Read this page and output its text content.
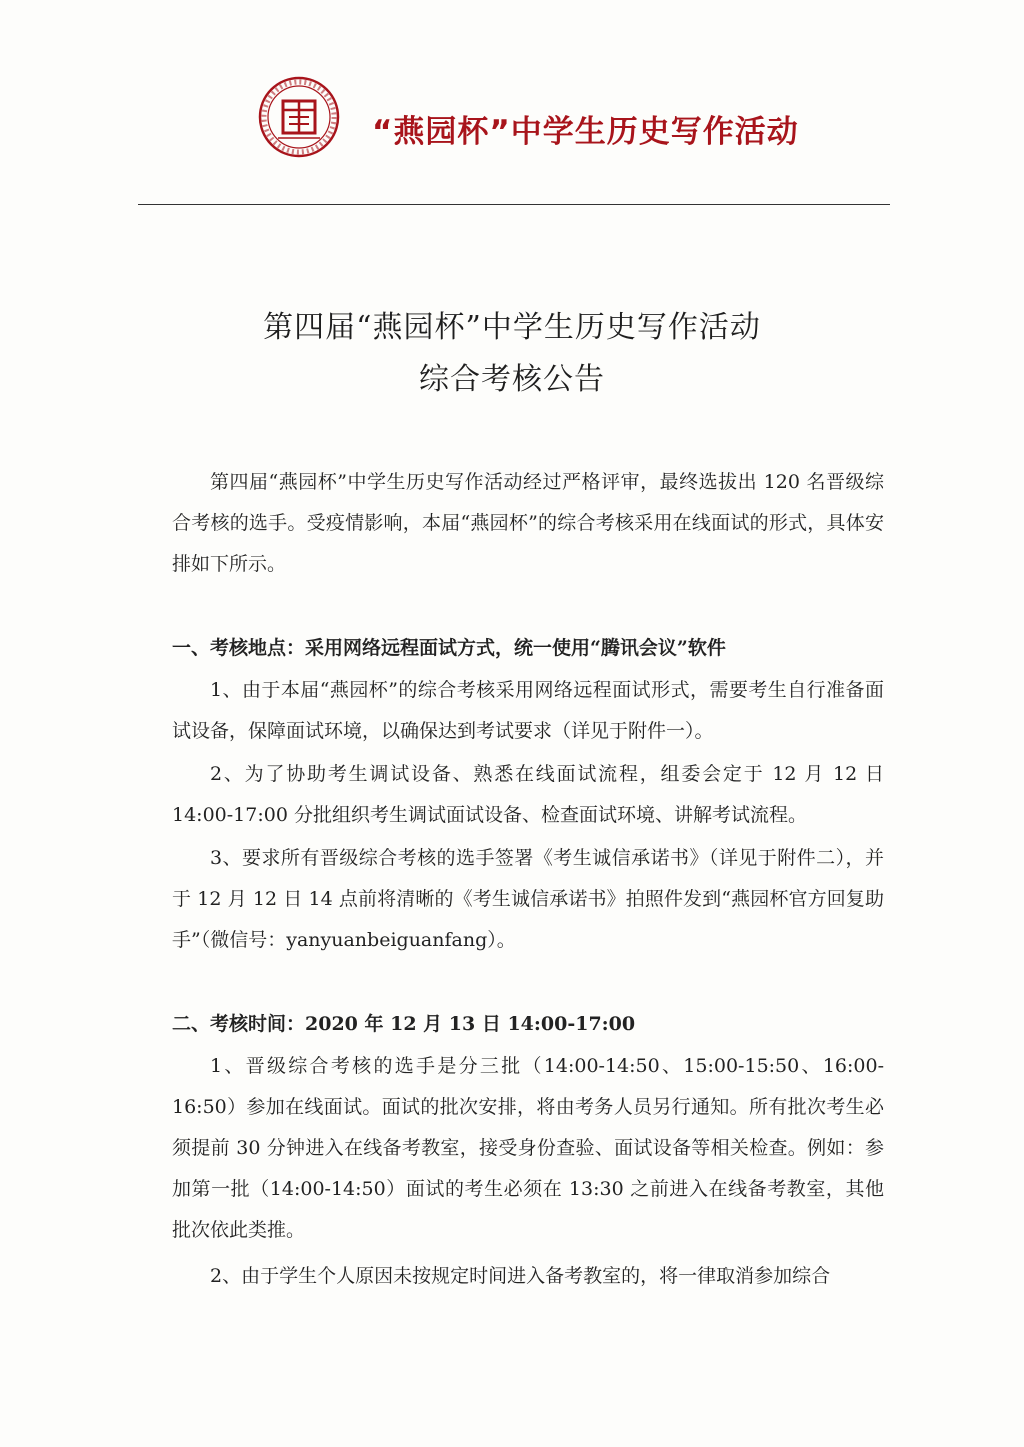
“燕园杯”中学生历史写作活动
第四届“燕园杯”中学生历史写作活动
综合考核公告
第四届“燕园杯”中学生历史写作活动经过严格评审，最终选拔出 120 名晋级综合考核的选手。受疫情影响，本届“燕园杯”的综合考核采用在线面试的形式，具体安排如下所示。
一、考核地点：采用网络远程面试方式，统一使用“腾讯会议”软件
1、由于本届“燕园杯”的综合考核采用网络远程面试形式，需要考生自行准备面试设备，保障面试环境，以确保达到考试要求（详见于附件一）。
2、为了协助考生调试设备、熟悉在线面试流程，组委会定于 12 月 12 日 14:00-17:00 分批组织考生调试面试设备、检查面试环境、讲解考试流程。
3、要求所有晋级综合考核的选手签署《考生诚信承诺书》（详见于附件二），并于 12 月 12 日 14 点前将清晰的《考生诚信承诺书》拍照件发到“燕园杯官方回复助手”（微信号：yanyuanbeiguanfang）。
二、考核时间：2020 年 12 月 13 日 14:00-17:00
1、晋级综合考核的选手是分三批（14:00-14:50、15:00-15:50、16:00-16:50）参加在线面试。面试的批次安排，将由考务人员另行通知。所有批次考生必须提前 30 分钟进入在线备考教室，接受身份查验、面试设备等相关检查。例如：参加第一批（14:00-14:50）面试的考生必须在 13:30 之前进入在线备考教室，其他批次依此类推。
2、由于学生个人原因未按规定时间进入备考教室的，将一律取消参加综合
